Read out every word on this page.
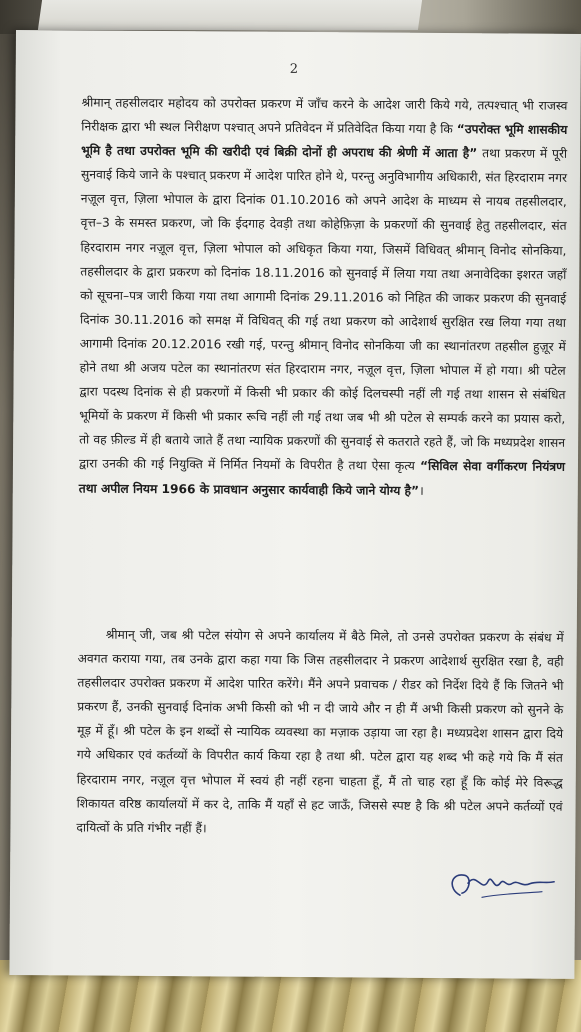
2

श्रीमान् तहसीलदार महोदय को उपरोक्त प्रकरण में जाँच करने के आदेश जारी किये गये, तत्पश्चात् भी राजस्व निरीक्षक द्वारा भी स्थल निरीक्षण पश्चात् अपने प्रतिवेदन में प्रतिवेदित किया गया है कि “उपरोक्त भूमि शासकीय भूमि है तथा उपरोक्त भूमि की खरीदी एवं बिक्री दोनों ही अपराध की श्रेणी में आता है” तथा प्रकरण में पूरी सुनवाई किये जाने के पश्चात् प्रकरण में आदेश पारित होने थे, परन्तु अनुविभागीय अधिकारी, संत हिरदाराम नगर नज़ूल वृत्त, ज़िला भोपाल के द्वारा दिनांक 01.10.2016 को अपने आदेश के माध्यम से नायब तहसीलदार, वृत्त–3 के समस्त प्रकरण, जो कि ईदगाह देवड़ी तथा कोहेफ़िज़ा के प्रकरणों की सुनवाई हेतु तहसीलदार, संत हिरदाराम नगर नज़ूल वृत्त, ज़िला भोपाल को अधिकृत किया गया, जिसमें विधिवत् श्रीमान् विनोद सोनकिया, तहसीलदार के द्वारा प्रकरण को दिनांक 18.11.2016 को सुनवाई में लिया गया तथा अनावेदिका इशरत जहाँ को सूचना–पत्र जारी किया गया तथा आगामी दिनांक 29.11.2016 को निहित की जाकर प्रकरण की सुनवाई दिनांक 30.11.2016 को समक्ष में विधिवत् की गई तथा प्रकरण को आदेशार्थ सुरक्षित रख लिया गया तथा आगामी दिनांक 20.12.2016 रखी गई, परन्तु श्रीमान् विनोद सोनकिया जी का स्थानांतरण तहसील हुज़ूर में होने तथा श्री अजय पटेल का स्थानांतरण संत हिरदाराम नगर, नज़ूल वृत्त, ज़िला भोपाल में हो गया। श्री पटेल द्वारा पदस्थ दिनांक से ही प्रकरणों में किसी भी प्रकार की कोई दिलचस्पी नहीं ली गई तथा शासन से संबंधित भूमियों के प्रकरण में किसी भी प्रकार रूचि नहीं ली गई तथा जब भी श्री पटेल से सम्पर्क करने का प्रयास करो, तो वह फ़ील्ड में ही बताये जाते हैं तथा न्यायिक प्रकरणों की सुनवाई से कतराते रहते हैं, जो कि मध्यप्रदेश शासन द्वारा उनकी की गई नियुक्ति में निर्मित नियमों के विपरीत है तथा ऐसा कृत्य “सिविल सेवा वर्गीकरण नियंत्रण तथा अपील नियम 1966 के प्रावधान अनुसार कार्यवाही किये जाने योग्य है”।

श्रीमान् जी, जब श्री पटेल संयोग से अपने कार्यालय में बैठे मिले, तो उनसे उपरोक्त प्रकरण के संबंध में अवगत कराया गया, तब उनके द्वारा कहा गया कि जिस तहसीलदार ने प्रकरण आदेशार्थ सुरक्षित रखा है, वही तहसीलदार उपरोक्त प्रकरण में आदेश पारित करेंगे। मैंने अपने प्रवाचक / रीडर को निर्देश दिये हैं कि जितने भी प्रकरण हैं, उनकी सुनवाई दिनांक अभी किसी को भी न दी जाये और न ही मैं अभी किसी प्रकरण को सुनने के मूड़ में हूँ। श्री पटेल के इन शब्दों से न्यायिक व्यवस्था का मज़ाक उड़ाया जा रहा है। मध्यप्रदेश शासन द्वारा दिये गये अधिकार एवं कर्तव्यों के विपरीत कार्य किया रहा है तथा श्री. पटेल द्वारा यह शब्द भी कहे गये कि मैं संत हिरदाराम नगर, नज़ूल वृत्त भोपाल में स्वयं ही नहीं रहना चाहता हूँ, मैं तो चाह रहा हूँ कि कोई मेरे विरूद्ध शिकायत वरिष्ठ कार्यालयों में कर दे, ताकि मैं यहाँ से हट जाऊँ, जिससे स्पष्ट है कि श्री पटेल अपने कर्तव्यों एवं दायित्वों के प्रति गंभीर नहीं हैं।
